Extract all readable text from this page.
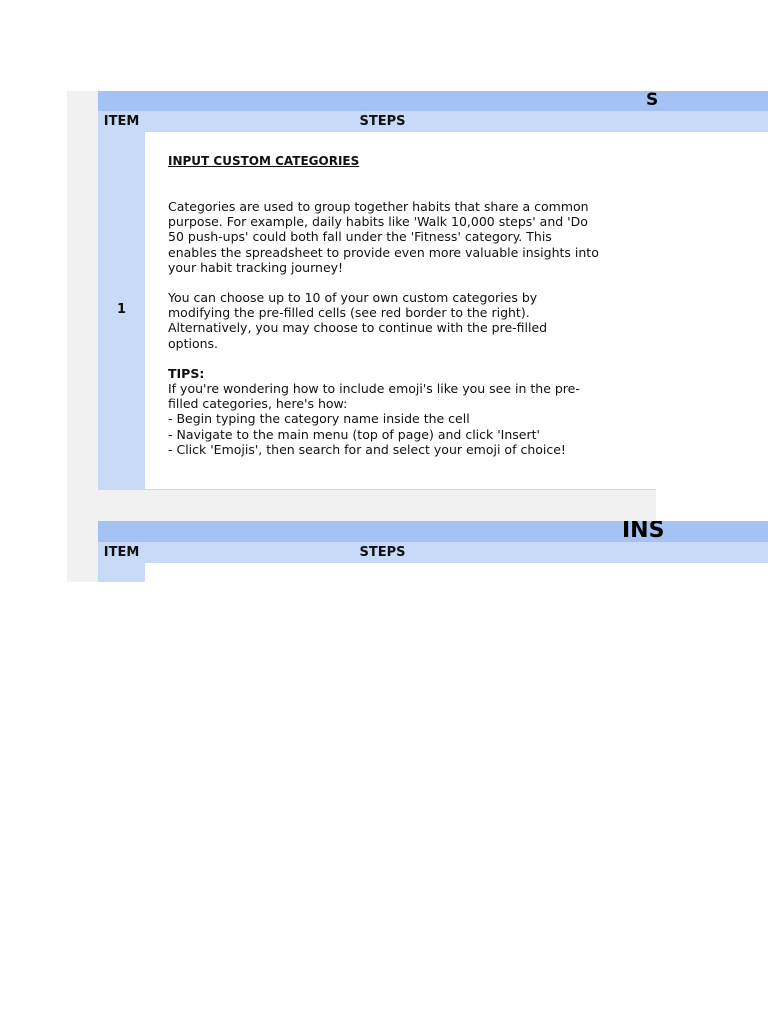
S
ITEM	STEPS
1

INPUT CUSTOM CATEGORIES

Categories are used to group together habits that share a common
purpose. For example, daily habits like 'Walk 10,000 steps' and 'Do
50 push-ups' could both fall under the 'Fitness' category. This
enables the spreadsheet to provide even more valuable insights into
your habit tracking journey!

You can choose up to 10 of your own custom categories by
modifying the pre-filled cells (see red border to the right).
Alternatively, you may choose to continue with the pre-filled
options.

TIPS:

If you're wondering how to include emoji's like you see in the pre-
filled categories, here's how:
- Begin typing the category name inside the cell
- Navigate to the main menu (top of page) and click 'Insert'
- Click 'Emojis', then search for and select your emoji of choice!

INS
ITEM	STEPS
